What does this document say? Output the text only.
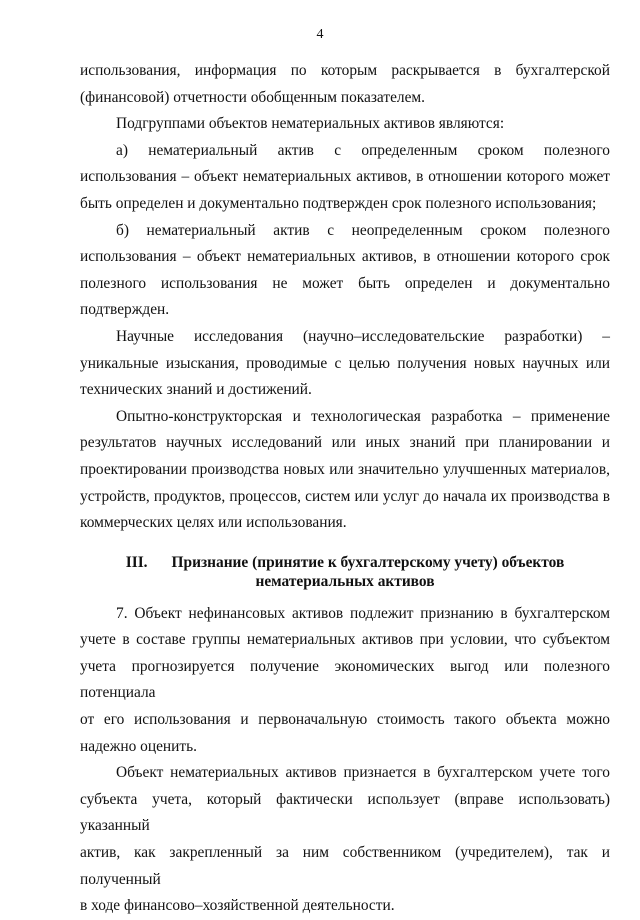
4
использования, информация по которым раскрывается в бухгалтерской
(финансовой) отчетности обобщенным показателем.
Подгруппами объектов нематериальных активов являются:
а) нематериальный актив с определенным сроком полезного
использования – объект нематериальных активов, в отношении которого может
быть определен и документально подтвержден срок полезного использования;
б) нематериальный актив с неопределенным сроком полезного
использования – объект нематериальных активов, в отношении которого срок
полезного использования не может быть определен и документально
подтвержден.
Научные исследования (научно–исследовательские разработки) –
уникальные изыскания, проводимые с целью получения новых научных или
технических знаний и достижений.
Опытно-конструкторская и технологическая разработка – применение
результатов научных исследований или иных знаний при планировании и
проектировании производства новых или значительно улучшенных материалов,
устройств, продуктов, процессов, систем или услуг до начала их производства в
коммерческих целях или использования.
III. Признание (принятие к бухгалтерскому учету) объектов
нематериальных активов
7. Объект нефинансовых активов подлежит признанию в бухгалтерском
учете в составе группы нематериальных активов при условии, что субъектом
учета прогнозируется получение экономических выгод или полезного потенциала
от его использования и первоначальную стоимость такого объекта можно
надежно оценить.
Объект нематериальных активов признается в бухгалтерском учете того
субъекта учета, который фактически использует (вправе использовать) указанный
актив, как закрепленный за ним собственником (учредителем), так и полученный
в ходе финансово–хозяйственной деятельности.
